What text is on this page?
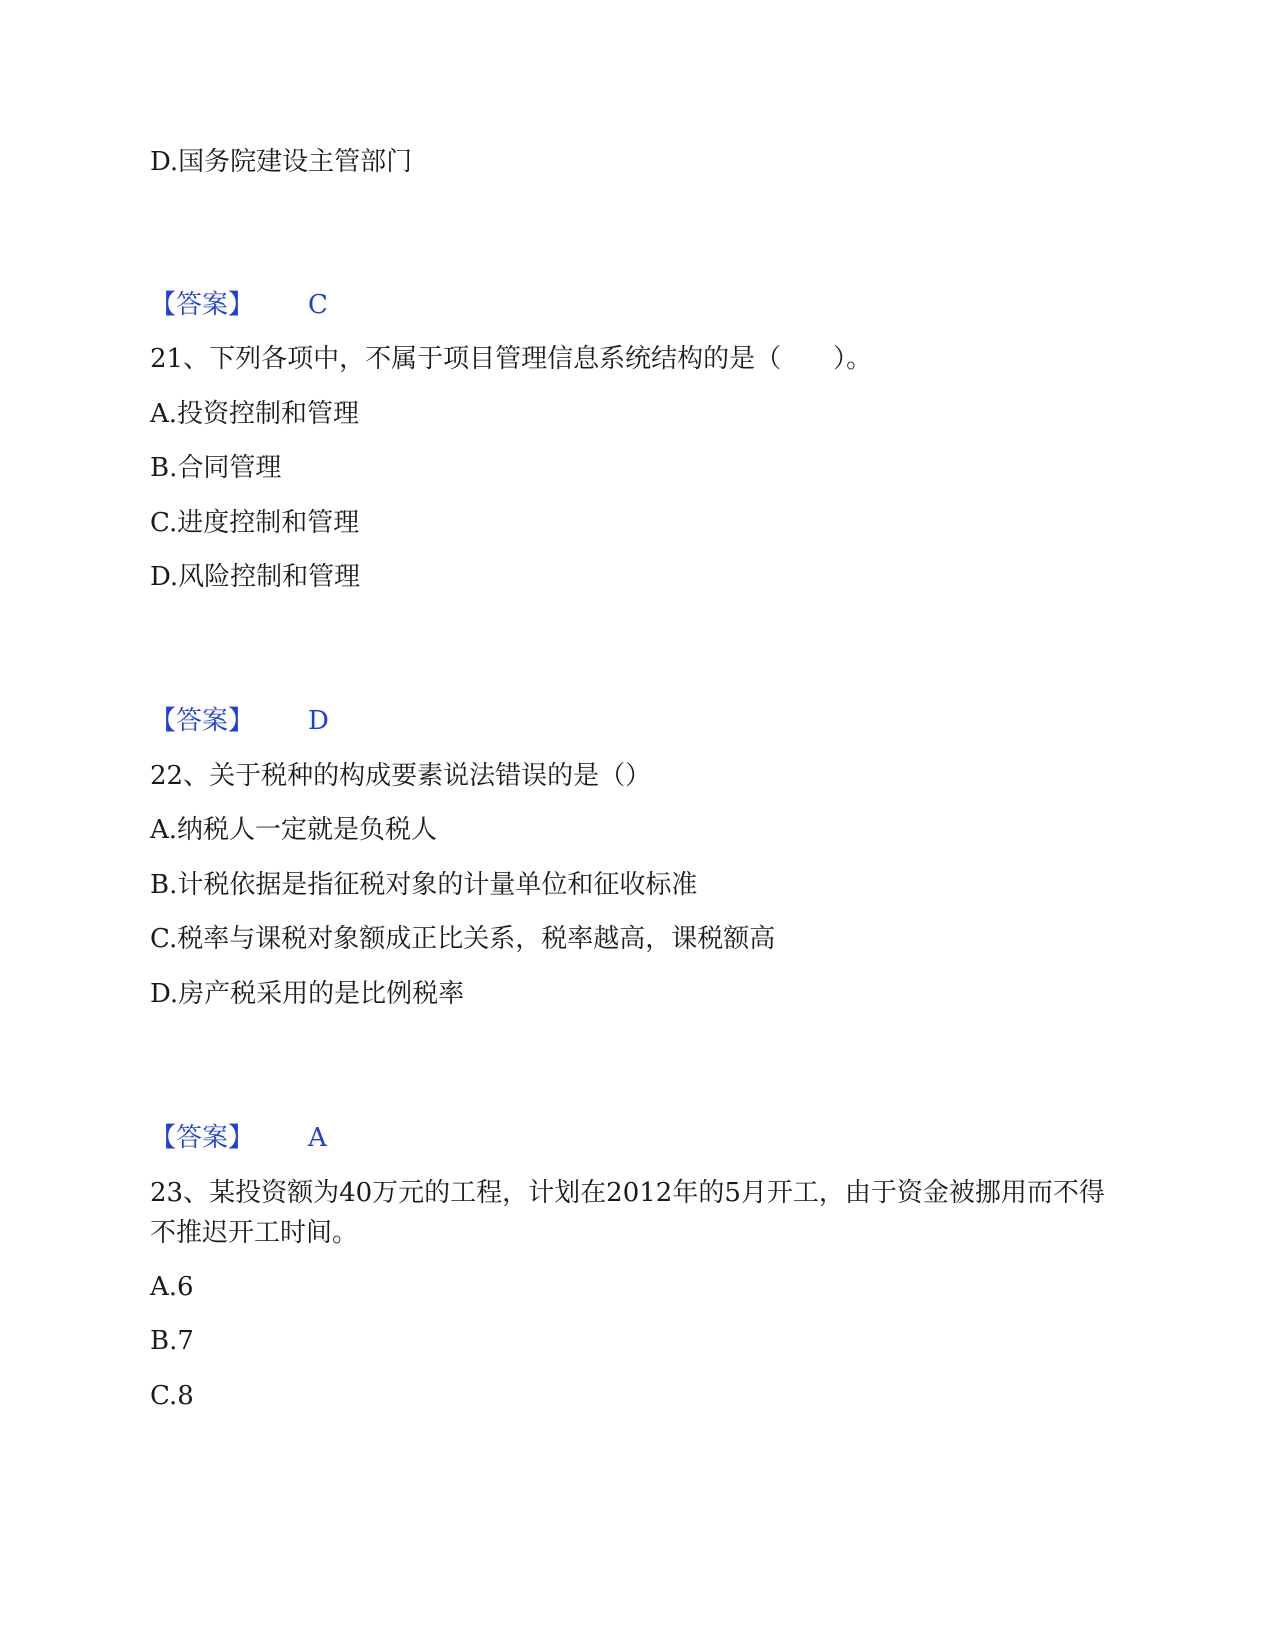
D.国务院建设主管部门
【答案】 C
21、下列各项中，不属于项目管理信息系统结构的是（　　）。
A.投资控制和管理
B.合同管理
C.进度控制和管理
D.风险控制和管理
【答案】 D
22、关于税种的构成要素说法错误的是（）
A.纳税人一定就是负税人
B.计税依据是指征税对象的计量单位和征收标准
C.税率与课税对象额成正比关系，税率越高，课税额高
D.房产税采用的是比例税率
【答案】 A
23、某投资额为40万元的工程，计划在2012年的5月开工，由于资金被挪用而不得不推迟开工时间。
A.6
B.7
C.8
